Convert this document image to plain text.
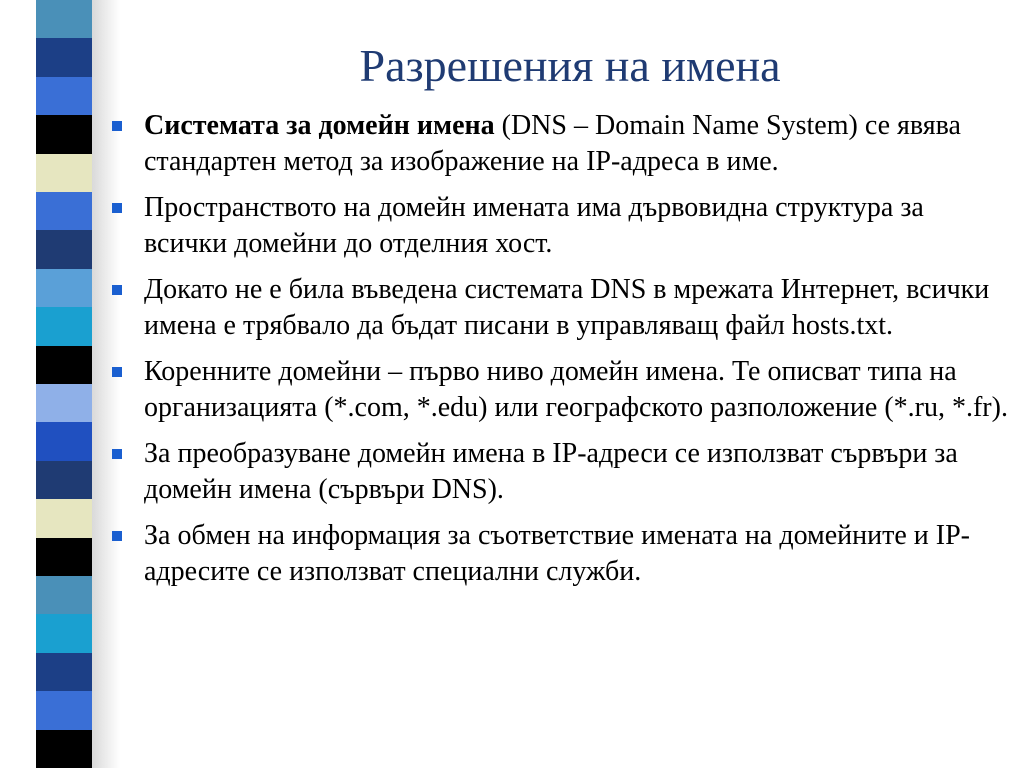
Разрешения на имена
Системата за домейн имена (DNS – Domain Name System) се явява стандартен метод за изображение на IP-адреса в име.
Пространството на домейн имената има дървовидна структура за всички домейни до отделния хост.
Докато не е била въведена системата DNS в мрежата Интернет, всички имена е трябвало да бъдат писани в управляващ файл hosts.txt.
Коренните домейни – първо ниво домейн имена. Те описват типа на организацията (*.com, *.edu) или географското разположение (*.ru, *.fr).
За преобразуване домейн имена в IP-адреси се използват сървъри за домейн имена (сървъри DNS).
За обмен на информация за съответствие имената на домейните и IP-адресите се използват специални служби.
